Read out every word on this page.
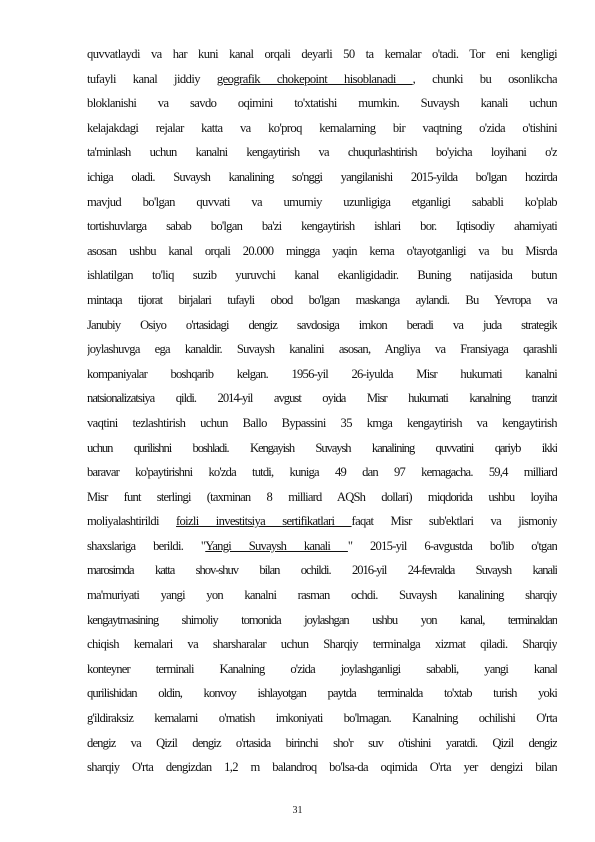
quvvatlaydi va har kuni kanal orqali deyarli 50 ta kemalar o'tadi. Tor eni kengligi
tufayli kanal jiddiy geografik chokepoint hisoblanadi , chunki bu osonlikcha
bloklanishi va savdo oqimini to'xtatishi mumkin. Suvaysh kanali uchun
kelajakdagi rejalar katta va ko'proq kemalarning bir vaqtning o'zida o'tishini
ta'minlash uchun kanalni kengaytirish va chuqurlashtirish bo'yicha loyihani o'z
ichiga oladi. Suvaysh kanalining so'nggi yangilanishi 2015-yilda bo'lgan hozirda
mavjud bo'lgan quvvati va umumiy uzunligiga etganligi sababli ko'plab
tortishuvlarga sabab bo'lgan ba'zi kengaytirish ishlari bor. Iqtisodiy ahamiyati
asosan ushbu kanal orqali 20.000 mingga yaqin kema o'tayotganligi va bu Misrda
ishlatilgan to'liq suzib yuruvchi kanal ekanligidadir. Buning natijasida butun
mintaqa tijorat birjalari tufayli obod bo'lgan maskanga aylandi. Bu Yevropa va
Janubiy Osiyo o'rtasidagi dengiz savdosiga imkon beradi va juda strategik
joylashuvga ega kanaldir. Suvaysh kanalini asosan, Angliya va Fransiyaga qarashli
kompaniyalar boshqarib kelgan. 1956-yil 26-iyulda Misr hukumati kanalni
natsionalizatsiya qildi. 2014-yil avgust oyida Misr hukumati kanalning tranzit
vaqtini tezlashtirish uchun Ballo Bypassini 35 kmga kengaytirish va kengaytirish
uchun qurilishni boshladi. Kengayish Suvaysh kanalining quvvatini qariyb ikki
baravar ko'paytirishni ko'zda tutdi, kuniga 49 dan 97 kemagacha. 59,4 milliard
Misr funt sterlingi (taxminan 8 milliard AQSh dollari) miqdorida ushbu loyiha
moliyalashtirildi foizli investitsiya sertifikatlari faqat Misr sub'ektlari va jismoniy
shaxslariga berildi. "Yangi Suvaysh kanali " 2015-yil 6-avgustda bo'lib o'tgan
marosimda katta shov-shuv bilan ochildi. 2016-yil 24-fevralda Suvaysh kanali
ma'muriyati yangi yon kanalni rasman ochdi. Suvaysh kanalining sharqiy
kengaytmasining shimoliy tomonida joylashgan ushbu yon kanal, terminaldan
chiqish kemalari va sharsharalar uchun Sharqiy terminalga xizmat qiladi. Sharqiy
konteyner terminali Kanalning o'zida joylashganligi sababli, yangi kanal
qurilishidan oldin, konvoy ishlayotgan paytda terminalda to'xtab turish yoki
g'ildiraksiz kemalarni o'rnatish imkoniyati bo'lmagan. Kanalning ochilishi O'rta
dengiz va Qizil dengiz o'rtasida birinchi sho'r suv o'tishini yaratdi. Qizil dengiz
sharqiy O'rta dengizdan 1,2 m balandroq bo'lsa-da oqimida O'rta yer dengizi bilan
31
